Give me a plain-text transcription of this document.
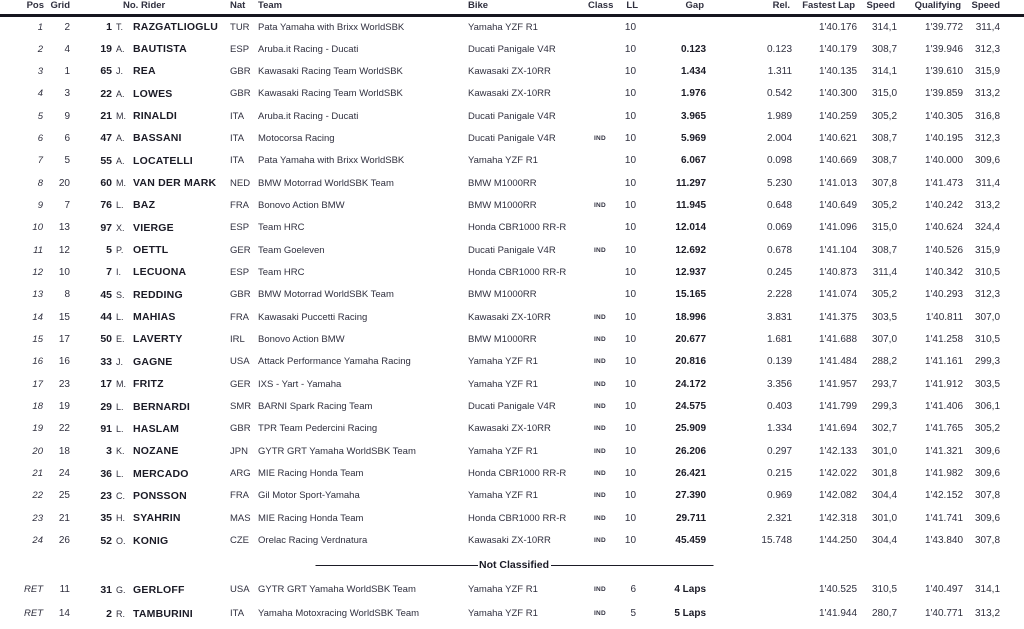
Pos	Grid	No. Rider		Nat	Team	Bike	Class	LL	Gap	Rel.	Fastest Lap	Speed	Qualifying	Speed
1	2	1	T. RAZGATLIOGLU	TUR	Pata Yamaha with Brixx WorldSBK	Yamaha YZF R1		10			1'40.176	314,1	1'39.772	311,4
2	4	19	A. BAUTISTA	ESP	Aruba.it Racing - Ducati	Ducati Panigale V4R		10	0.123	0.123	1'40.179	308,7	1'39.946	312,3
3	1	65	J. REA	GBR	Kawasaki Racing Team WorldSBK	Kawasaki ZX-10RR		10	1.434	1.311	1'40.135	314,1	1'39.610	315,9
4	3	22	A. LOWES	GBR	Kawasaki Racing Team WorldSBK	Kawasaki ZX-10RR		10	1.976	0.542	1'40.300	315,0	1'39.859	313,2
5	9	21	M. RINALDI	ITA	Aruba.it Racing - Ducati	Ducati Panigale V4R		10	3.965	1.989	1'40.259	305,2	1'40.305	316,8
6	6	47	A. BASSANI	ITA	Motocorsa Racing	Ducati Panigale V4R	IND	10	5.969	2.004	1'40.621	308,7	1'40.195	312,3
7	5	55	A. LOCATELLI	ITA	Pata Yamaha with Brixx WorldSBK	Yamaha YZF R1		10	6.067	0.098	1'40.669	308,7	1'40.000	309,6
8	20	60	M. VAN DER MARK	NED	BMW Motorrad WorldSBK Team	BMW M1000RR		10	11.297	5.230	1'41.013	307,8	1'41.473	311,4
9	7	76	L. BAZ	FRA	Bonovo Action BMW	BMW M1000RR	IND	10	11.945	0.648	1'40.649	305,2	1'40.242	313,2
10	13	97	X. VIERGE	ESP	Team HRC	Honda CBR1000 RR-R		10	12.014	0.069	1'41.096	315,0	1'40.624	324,4
11	12	5	P. OETTL	GER	Team Goeleven	Ducati Panigale V4R	IND	10	12.692	0.678	1'41.104	308,7	1'40.526	315,9
12	10	7	I. LECUONA	ESP	Team HRC	Honda CBR1000 RR-R		10	12.937	0.245	1'40.873	311,4	1'40.342	310,5
13	8	45	S. REDDING	GBR	BMW Motorrad WorldSBK Team	BMW M1000RR		10	15.165	2.228	1'41.074	305,2	1'40.293	312,3
14	15	44	L. MAHIAS	FRA	Kawasaki Puccetti Racing	Kawasaki ZX-10RR	IND	10	18.996	3.831	1'41.375	303,5	1'40.811	307,0
15	17	50	E. LAVERTY	IRL	Bonovo Action BMW	BMW M1000RR	IND	10	20.677	1.681	1'41.688	307,0	1'41.258	310,5
16	16	33	J. GAGNE	USA	Attack Performance Yamaha Racing	Yamaha YZF R1	IND	10	20.816	0.139	1'41.484	288,2	1'41.161	299,3
17	23	17	M. FRITZ	GER	IXS - Yart - Yamaha	Yamaha YZF R1	IND	10	24.172	3.356	1'41.957	293,7	1'41.912	303,5
18	19	29	L. BERNARDI	SMR	BARNI Spark Racing Team	Ducati Panigale V4R	IND	10	24.575	0.403	1'41.799	299,3	1'41.406	306,1
19	22	91	L. HASLAM	GBR	TPR Team Pedercini Racing	Kawasaki ZX-10RR	IND	10	25.909	1.334	1'41.694	302,7	1'41.765	305,2
20	18	3	K. NOZANE	JPN	GYTR GRT Yamaha WorldSBK Team	Yamaha YZF R1	IND	10	26.206	0.297	1'42.133	301,0	1'41.321	309,6
21	24	36	L. MERCADO	ARG	MIE Racing Honda Team	Honda CBR1000 RR-R	IND	10	26.421	0.215	1'42.022	301,8	1'41.982	309,6
22	25	23	C. PONSSON	FRA	Gil Motor Sport-Yamaha	Yamaha YZF R1	IND	10	27.390	0.969	1'42.082	304,4	1'42.152	307,8
23	21	35	H. SYAHRIN	MAS	MIE Racing Honda Team	Honda CBR1000 RR-R	IND	10	29.711	2.321	1'42.318	301,0	1'41.741	309,6
24	26	52	O. KONIG	CZE	Orelac Racing Verdnatura	Kawasaki ZX-10RR	IND	10	45.459	15.748	1'44.250	304,4	1'43.840	307,8

————————————————— Not Classified —————————————————														

RET	11	31	G. GERLOFF	USA	GYTR GRT Yamaha WorldSBK Team	Yamaha YZF R1	IND	6	4 Laps		1'40.525	310,5	1'40.497	314,1
RET	14	2	R. TAMBURINI	ITA	Yamaha Motoxracing WorldSBK Team	Yamaha YZF R1	IND	5	5 Laps		1'41.944	280,7	1'40.771	313,2
